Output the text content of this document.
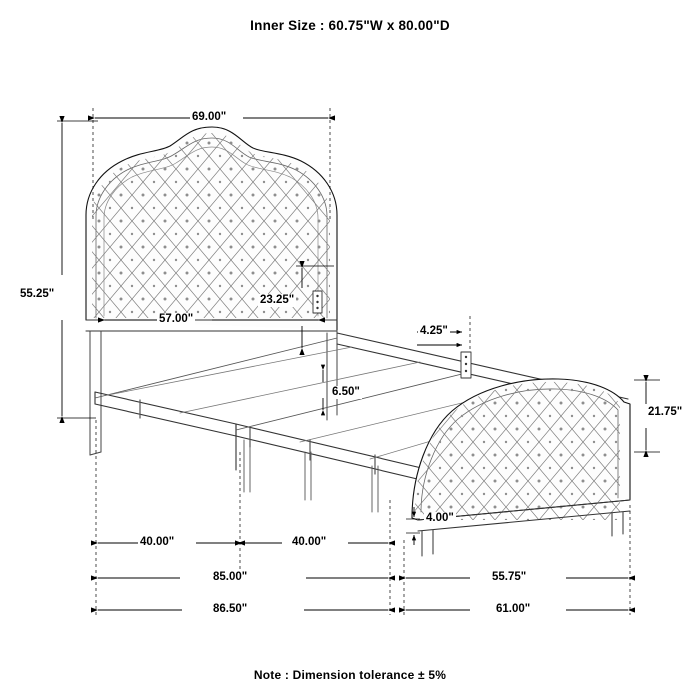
Inner Size : 60.75"W x 80.00"D
69.00"
55.25"
57.00"
23.25"
4.25"
6.50"
21.75"
4.00"
40.00"	40.00"
85.00"	55.75"
86.50"	61.00"
Note : Dimension tolerance ± 5%
